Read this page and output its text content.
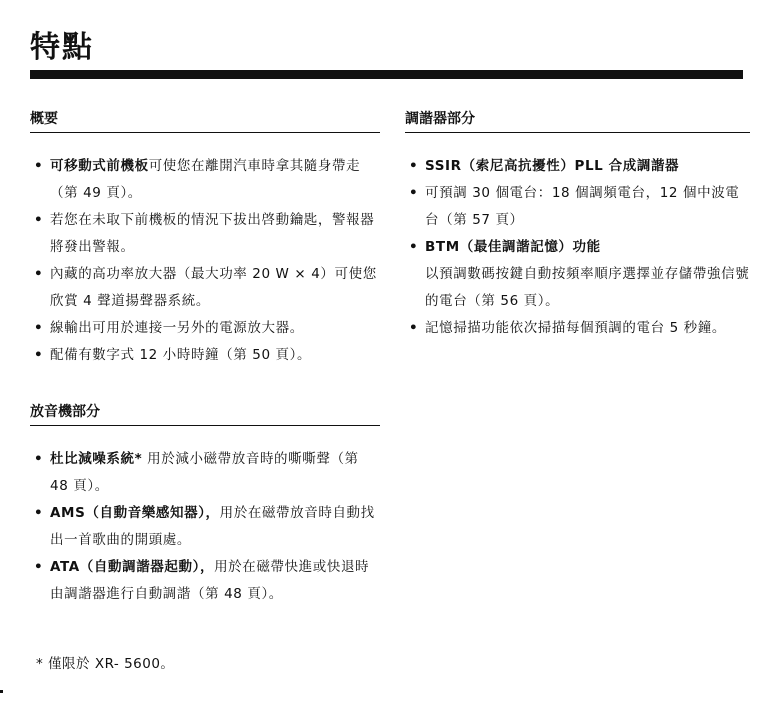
特點
概要
• 可移動式前機板可使您在離開汽車時拿其隨身帶走（第 49 頁）。
• 若您在未取下前機板的情況下拔出啓動鑰匙，警報器將發出警報。
• 內藏的高功率放大器（最大功率 20 W × 4）可使您欣賞 4 聲道揚聲器系統。
• 線輸出可用於連接一另外的電源放大器。
• 配備有數字式 12 小時時鐘（第 50 頁）。
放音機部分
• 杜比減噪系統* 用於減小磁帶放音時的嘶嘶聲（第 48 頁）。
• AMS（自動音樂感知器），用於在磁帶放音時自動找出一首歌曲的開頭處。
• ATA（自動調諧器起動），用於在磁帶快進或快退時由調諧器進行自動調諧（第 48 頁）。
調諧器部分
• SSIR（索尼高抗擾性）PLL 合成調諧器
• 可預調 30 個電台：18 個調頻電台，12 個中波電台（第 57 頁）
• BTM（最佳調諧記憶）功能
以預調數碼按鍵自動按頻率順序選擇並存儲帶強信號的電台（第 56 頁）。
• 記憶掃描功能依次掃描每個預調的電台 5 秒鐘。
* 僅限於 XR- 5600。
